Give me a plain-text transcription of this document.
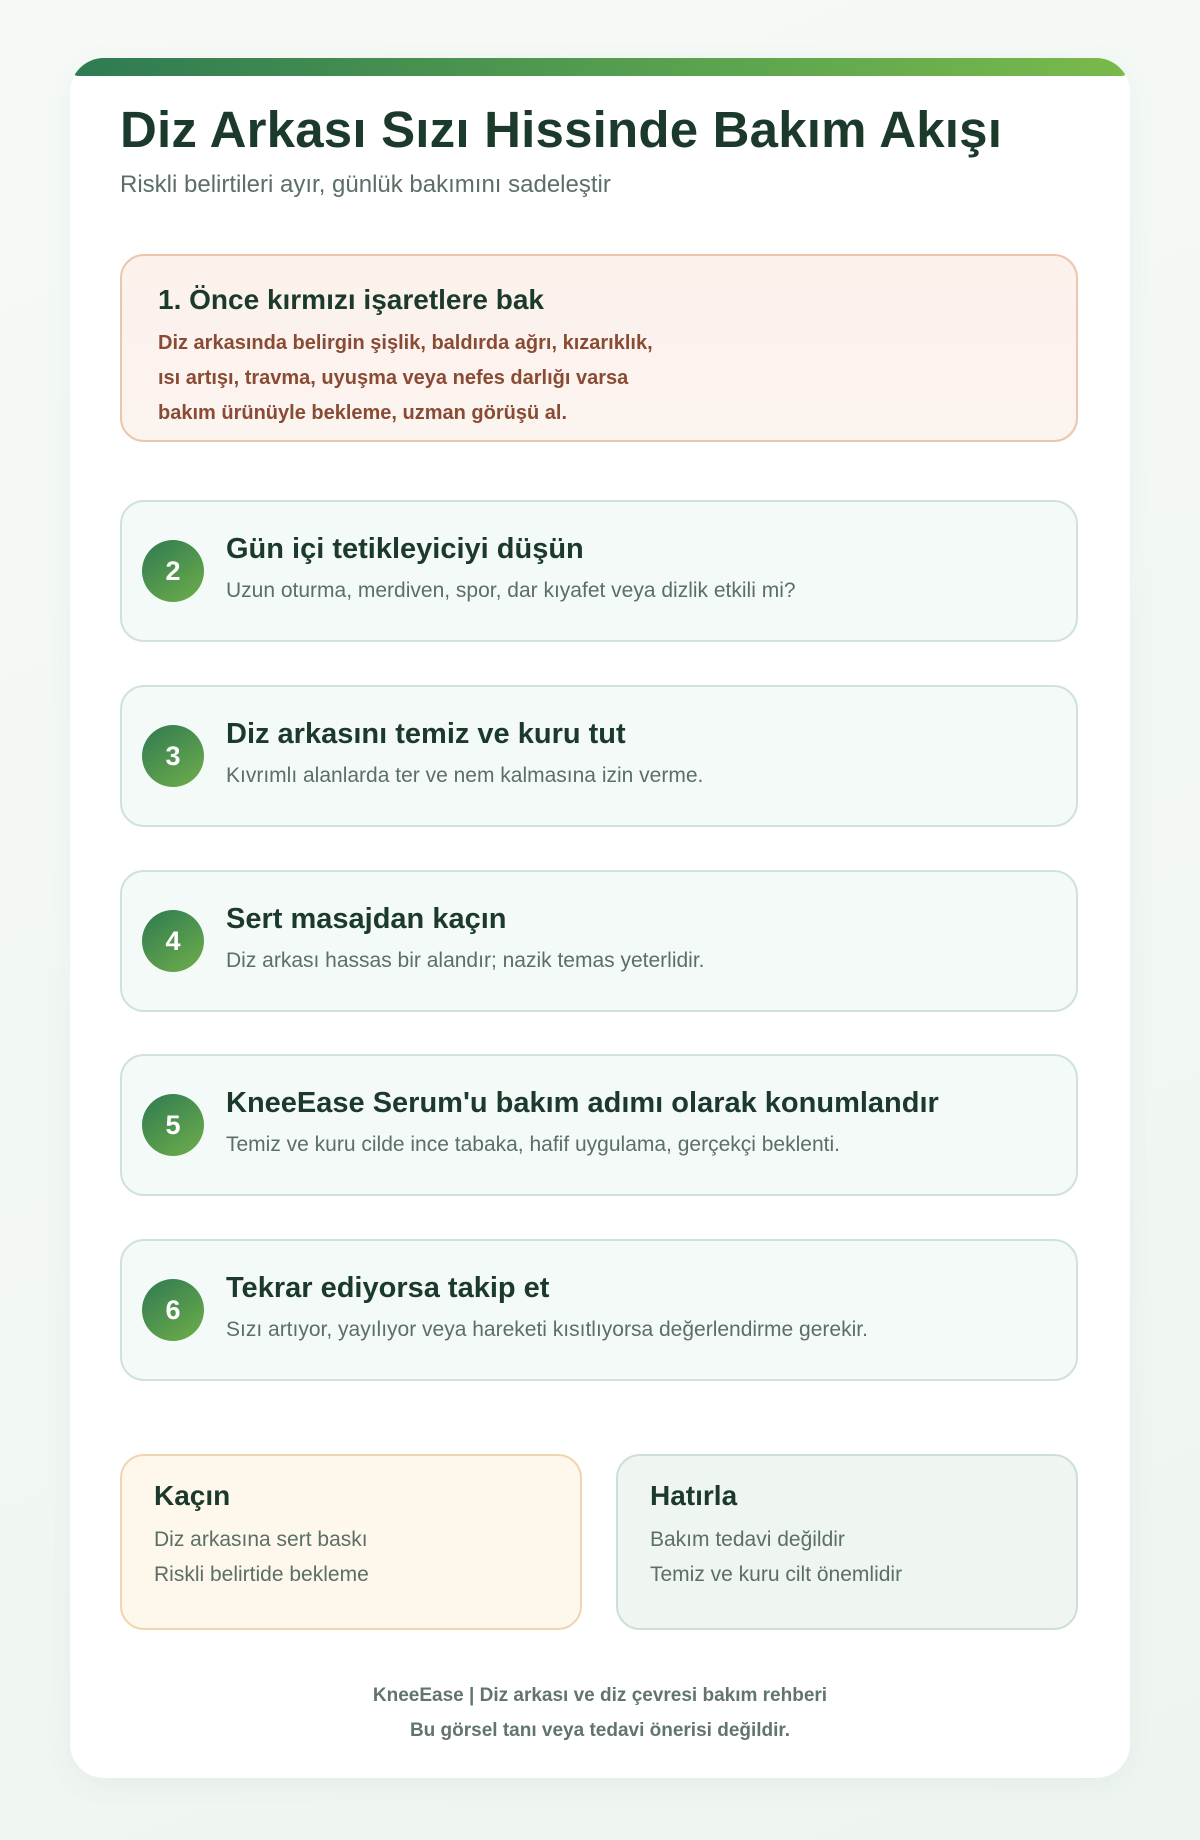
Diz Arkası Sızı Hissinde Bakım Akışı

Riskli belirtileri ayır, günlük bakımını sadeleştir

1. Önce kırmızı işaretlere bak

Diz arkasında belirgin şişlik, baldırda ağrı, kızarıklık,
ısı artışı, travma, uyuşma veya nefes darlığı varsa
bakım ürünüyle bekleme, uzman görüşü al.
2

Gün içi tetikleyiciyi düşün

Uzun oturma, merdiven, spor, dar kıyafet veya dizlik etkili mi?

3

Diz arkasını temiz ve kuru tut

Kıvrımlı alanlarda ter ve nem kalmasına izin verme.

4

Sert masajdan kaçın

Diz arkası hassas bir alandır; nazik temas yeterlidir.

5

KneeEase Serum'u bakım adımı olarak konumlandır

Temiz ve kuru cilde ince tabaka, hafif uygulama, gerçekçi beklenti.

6

Tekrar ediyorsa takip et

Sızı artıyor, yayılıyor veya hareketi kısıtlıyorsa değerlendirme gerekir.

Kaçın

Diz arkasına sert baskı
Riskli belirtide bekleme

Hatırla

Bakım tedavi değildir
Temiz ve kuru cilt önemlidir
KneeEase | Diz arkası ve diz çevresi bakım rehberi
Bu görsel tanı veya tedavi önerisi değildir.
